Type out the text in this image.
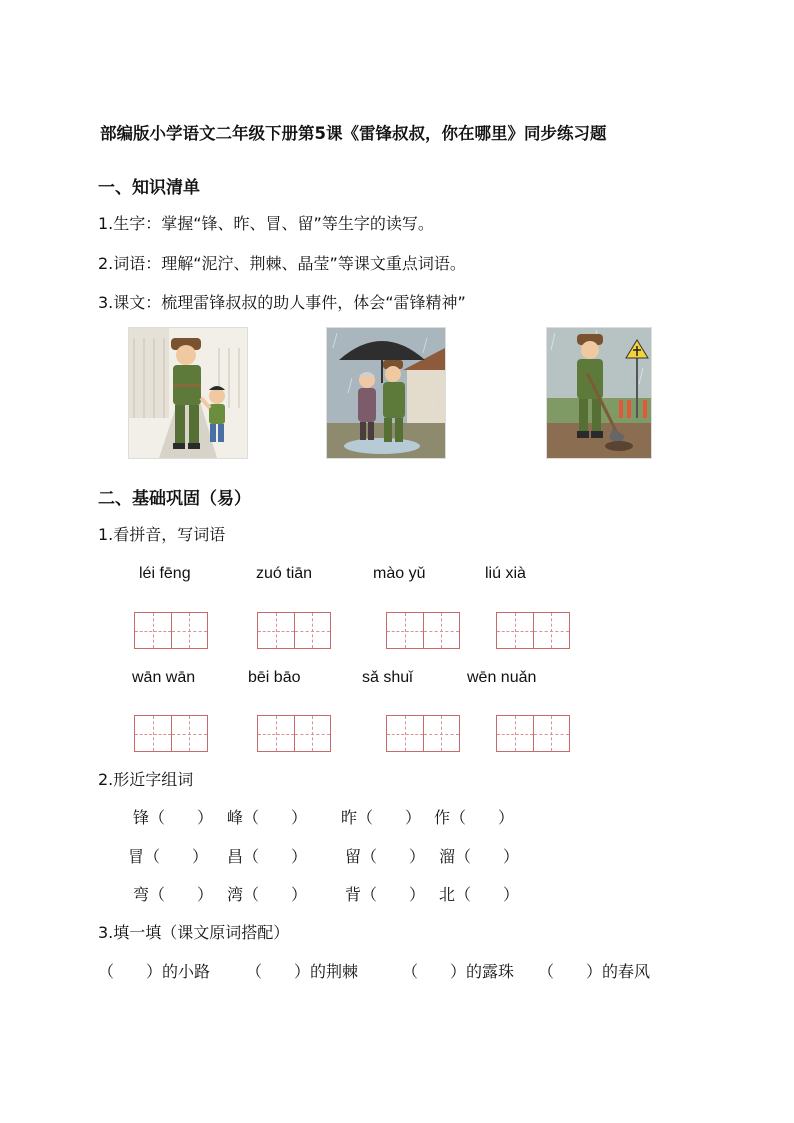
部编版小学语文二年级下册第5课《雷锋叔叔，你在哪里》同步练习题
一、知识清单
1.生字：掌握“锋、昨、冒、留”等生字的读写。
2.词语：理解“泥泞、荆棘、晶莹”等课文重点词语。
3.课文：梳理雷锋叔叔的助人事件，体会“雷锋精神”
二、基础巩固（易）
1.看拼音，写词语
léi fēng	zuó tiān	mào yǔ	liú xià
wān wān	bēi bāo	sǎ shuǐ	wēn nuǎn
2.形近字组词
锋（　　） 峰（　　） 昨（　　） 作（　　）
冒（　　） 昌（　　） 留（　　） 溜（　　）
弯（　　） 湾（　　） 背（　　） 北（　　）
3.填一填（课文原词搭配）
（　　）的小路 （　　）的荆棘	（　　）的露珠 （　　）的春风
